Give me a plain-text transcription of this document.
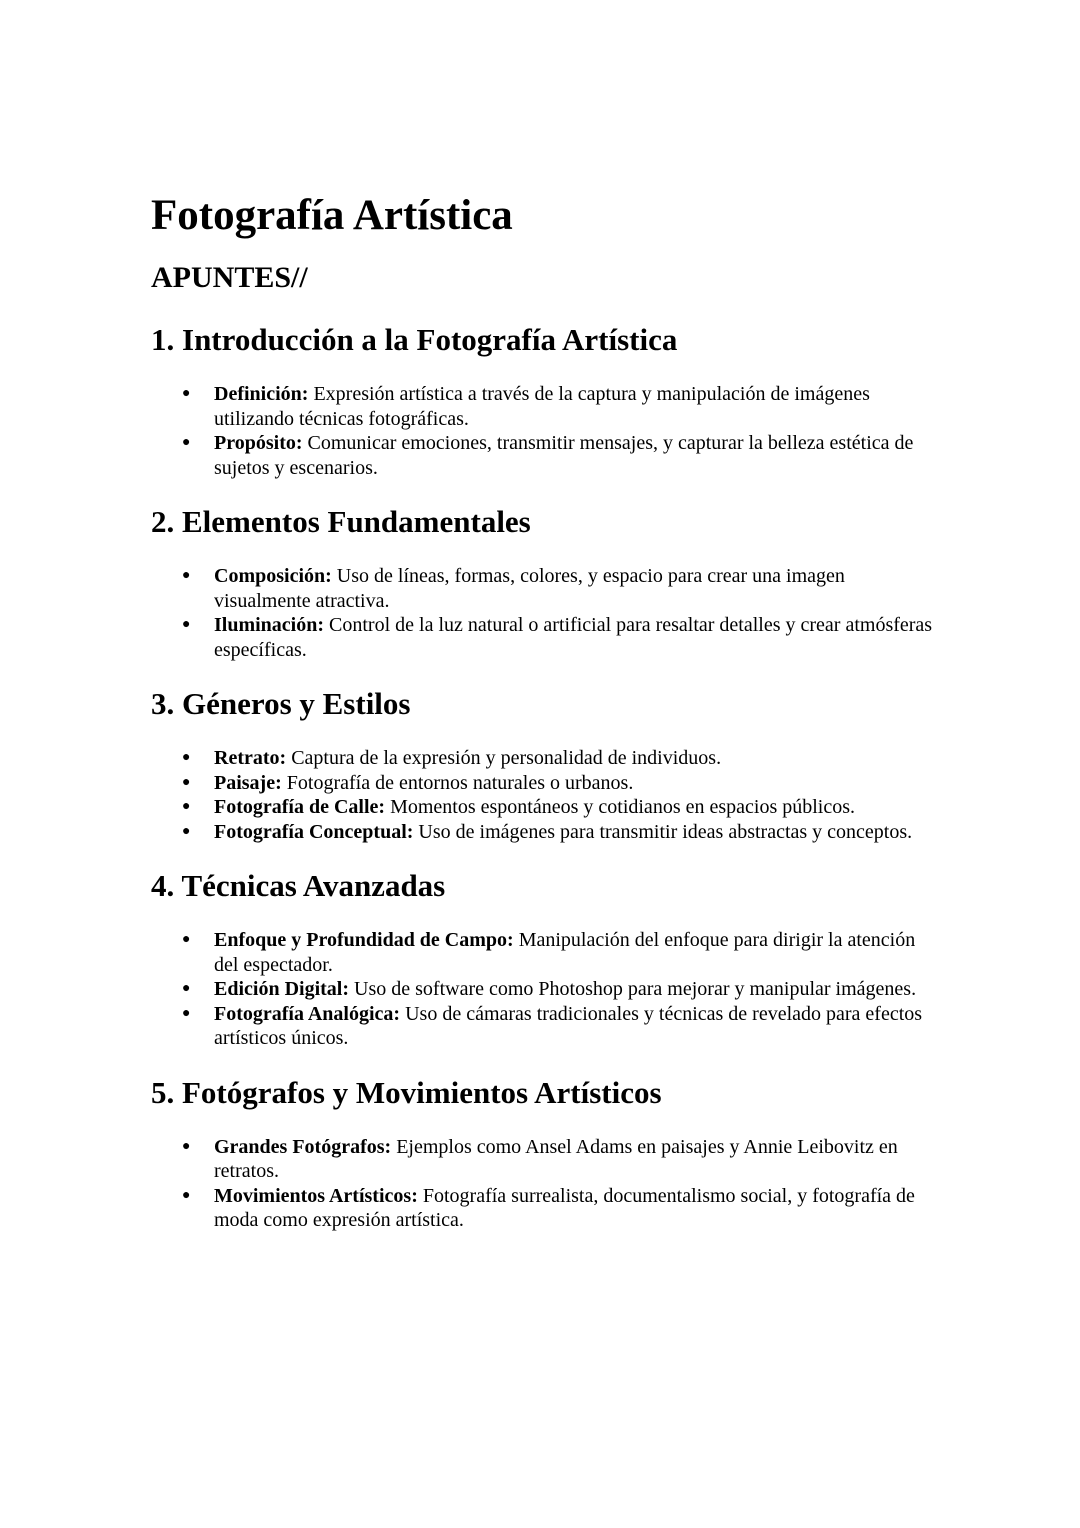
Fotografía Artística
APUNTES//
1. Introducción a la Fotografía Artística
● Definición: Expresión artística a través de la captura y manipulación de imágenes utilizando técnicas fotográficas.
● Propósito: Comunicar emociones, transmitir mensajes, y capturar la belleza estética de sujetos y escenarios.
2. Elementos Fundamentales
● Composición: Uso de líneas, formas, colores, y espacio para crear una imagen visualmente atractiva.
● Iluminación: Control de la luz natural o artificial para resaltar detalles y crear atmósferas específicas.
3. Géneros y Estilos
● Retrato: Captura de la expresión y personalidad de individuos.
● Paisaje: Fotografía de entornos naturales o urbanos.
● Fotografía de Calle: Momentos espontáneos y cotidianos en espacios públicos.
● Fotografía Conceptual: Uso de imágenes para transmitir ideas abstractas y conceptos.
4. Técnicas Avanzadas
● Enfoque y Profundidad de Campo: Manipulación del enfoque para dirigir la atención del espectador.
● Edición Digital: Uso de software como Photoshop para mejorar y manipular imágenes.
● Fotografía Analógica: Uso de cámaras tradicionales y técnicas de revelado para efectos artísticos únicos.
5. Fotógrafos y Movimientos Artísticos
● Grandes Fotógrafos: Ejemplos como Ansel Adams en paisajes y Annie Leibovitz en retratos.
● Movimientos Artísticos: Fotografía surrealista, documentalismo social, y fotografía de moda como expresión artística.
